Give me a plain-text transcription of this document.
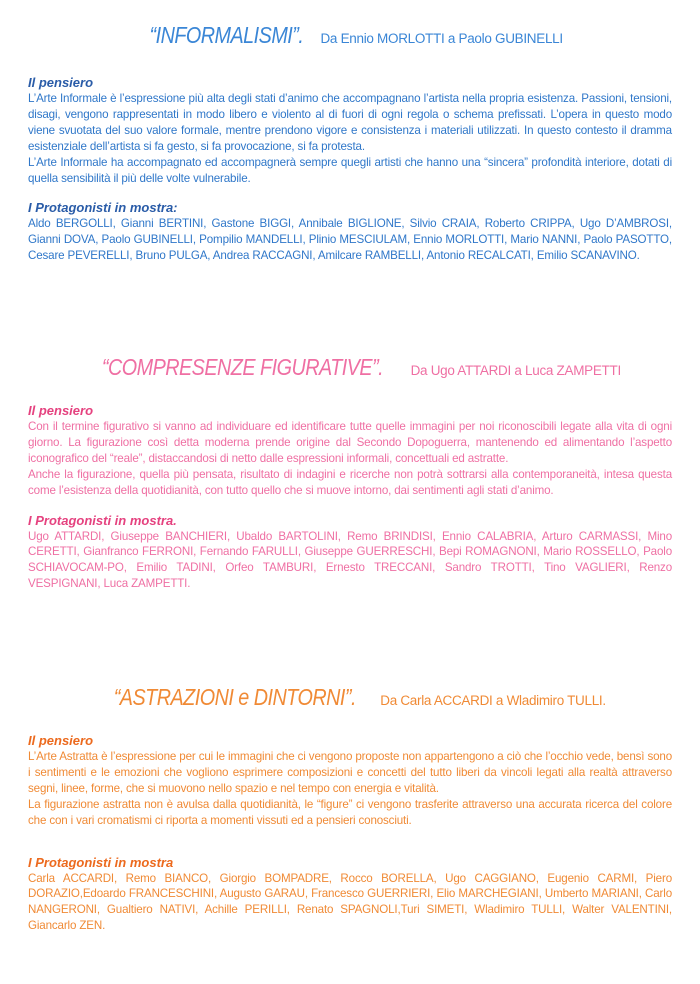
“INFORMALISMI”. Da Ennio MORLOTTI a Paolo GUBINELLI

Il pensiero

L’Arte Informale è l’espressione più alta degli stati d’animo che accompagnano l’artista nella propria esistenza. Passioni, tensioni, disagi, vengono rappresentati in modo libero e violento al di fuori di ogni regola o schema prefissati. L’opera in questo modo viene svuotata del suo valore formale, mentre prendono vigore e consistenza i materiali utilizzati. In questo contesto il dramma esistenziale dell’artista si fa gesto, si fa provocazione, si fa protesta.

L’Arte Informale ha accompagnato ed accompagnerà sempre quegli artisti che hanno una “sincera” profondità interiore, dotati di quella sensibilità il più delle volte vulnerabile.

I Protagonisti in mostra:

Aldo BERGOLLI, Gianni BERTINI, Gastone BIGGI, Annibale BIGLIONE, Silvio CRAIA, Roberto CRIPPA, Ugo D’AMBROSI, Gianni DOVA, Paolo GUBINELLI, Pompilio MANDELLI, Plinio MESCIULAM, Ennio MORLOTTI, Mario NANNI, Paolo PASOTTO, Cesare PEVERELLI, Bruno PULGA, Andrea RACCAGNI, Amilcare RAMBELLI, Antonio RECALCATI, Emilio SCANAVINO.

“COMPRESENZE FIGURATIVE”. Da Ugo ATTARDI a Luca ZAMPETTI

Il pensiero

Con il termine figurativo si vanno ad individuare ed identificare tutte quelle immagini per noi riconoscibili legate alla vita di ogni giorno. La figurazione così detta moderna prende origine dal Secondo Dopoguerra, mantenendo ed alimentando l’aspetto iconografico del “reale”, distaccandosi di netto dalle espressioni informali, concettuali ed astratte.

Anche la figurazione, quella più pensata, risultato di indagini e ricerche non potrà sottrarsi alla contemporaneità, intesa questa come l’esistenza della quotidianità, con tutto quello che si muove intorno, dai sentimenti agli stati d’animo.

I Protagonisti in mostra.

Ugo ATTARDI, Giuseppe BANCHIERI, Ubaldo BARTOLINI, Remo BRINDISI, Ennio CALABRIA, Arturo CARMASSI, Mino CERETTI, Gianfranco FERRONI, Fernando FARULLI, Giuseppe GUERRESCHI, Bepi ROMAGNONI, Mario ROSSELLO, Paolo SCHIAVOCAM-PO, Emilio TADINI, Orfeo TAMBURI, Ernesto TRECCANI, Sandro TROTTI, Tino VAGLIERI, Renzo VESPIGNANI, Luca ZAMPETTI.

“ASTRAZIONI e DINTORNI”. Da Carla ACCARDI a Wladimiro TULLI.

Il pensiero

L’Arte Astratta è l’espressione per cui le immagini che ci vengono proposte non appartengono a ciò che l’occhio vede, bensì sono i sentimenti e le emozioni che vogliono esprimere composizioni e concetti del tutto liberi da vincoli legati alla realtà attraverso segni, linee, forme, che si muovono nello spazio e nel tempo con energia e vitalità.

La figurazione astratta non è avulsa dalla quotidianità, le “figure” ci vengono trasferite attraverso una accurata ricerca del colore che con i vari cromatismi ci riporta a momenti vissuti ed a pensieri conosciuti.

I Protagonisti in mostra

Carla ACCARDI, Remo BIANCO, Giorgio BOMPADRE, Rocco BORELLA, Ugo CAGGIANO, Eugenio CARMI, Piero DORAZIO,Edoardo FRANCESCHINI, Augusto GARAU, Francesco GUERRIERI, Elio MARCHEGIANI, Umberto MARIANI, Carlo NANGERONI, Gualtiero NATIVI, Achille PERILLI, Renato SPAGNOLI,Turi SIMETI, Wladimiro TULLI, Walter VALENTINI, Giancarlo ZEN.
